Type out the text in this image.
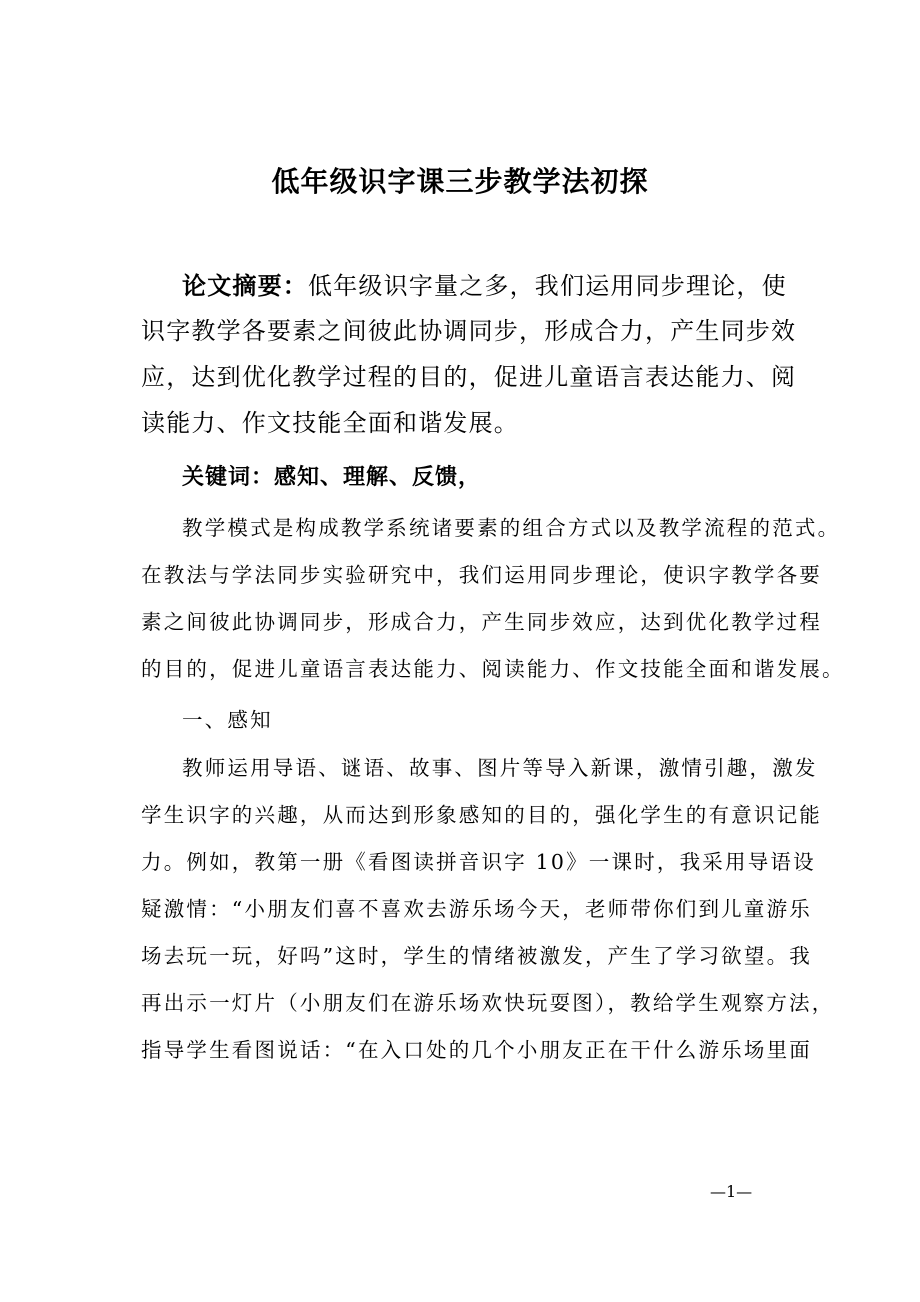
低年级识字课三步教学法初探
论文摘要：低年级识字量之多，我们运用同步理论，使
识字教学各要素之间彼此协调同步，形成合力，产生同步效
应，达到优化教学过程的目的，促进儿童语言表达能力、阅
读能力、作文技能全面和谐发展。
关键词：感知、理解、反馈，
教学模式是构成教学系统诸要素的组合方式以及教学流程的范式。
在教法与学法同步实验研究中，我们运用同步理论，使识字教学各要
素之间彼此协调同步，形成合力，产生同步效应，达到优化教学过程
的目的，促进儿童语言表达能力、阅读能力、作文技能全面和谐发展。
一、感知
教师运用导语、谜语、故事、图片等导入新课，激情引趣，激发
学生识字的兴趣，从而达到形象感知的目的，强化学生的有意识记能
力。例如，教第一册《看图读拼音识字 10》一课时，我采用导语设
疑激情：“小朋友们喜不喜欢去游乐场今天，老师带你们到儿童游乐
场去玩一玩，好吗”这时，学生的情绪被激发，产生了学习欲望。我
再出示一灯片（小朋友们在游乐场欢快玩耍图），教给学生观察方法，
指导学生看图说话：“在入口处的几个小朋友正在干什么游乐场里面
—1—
